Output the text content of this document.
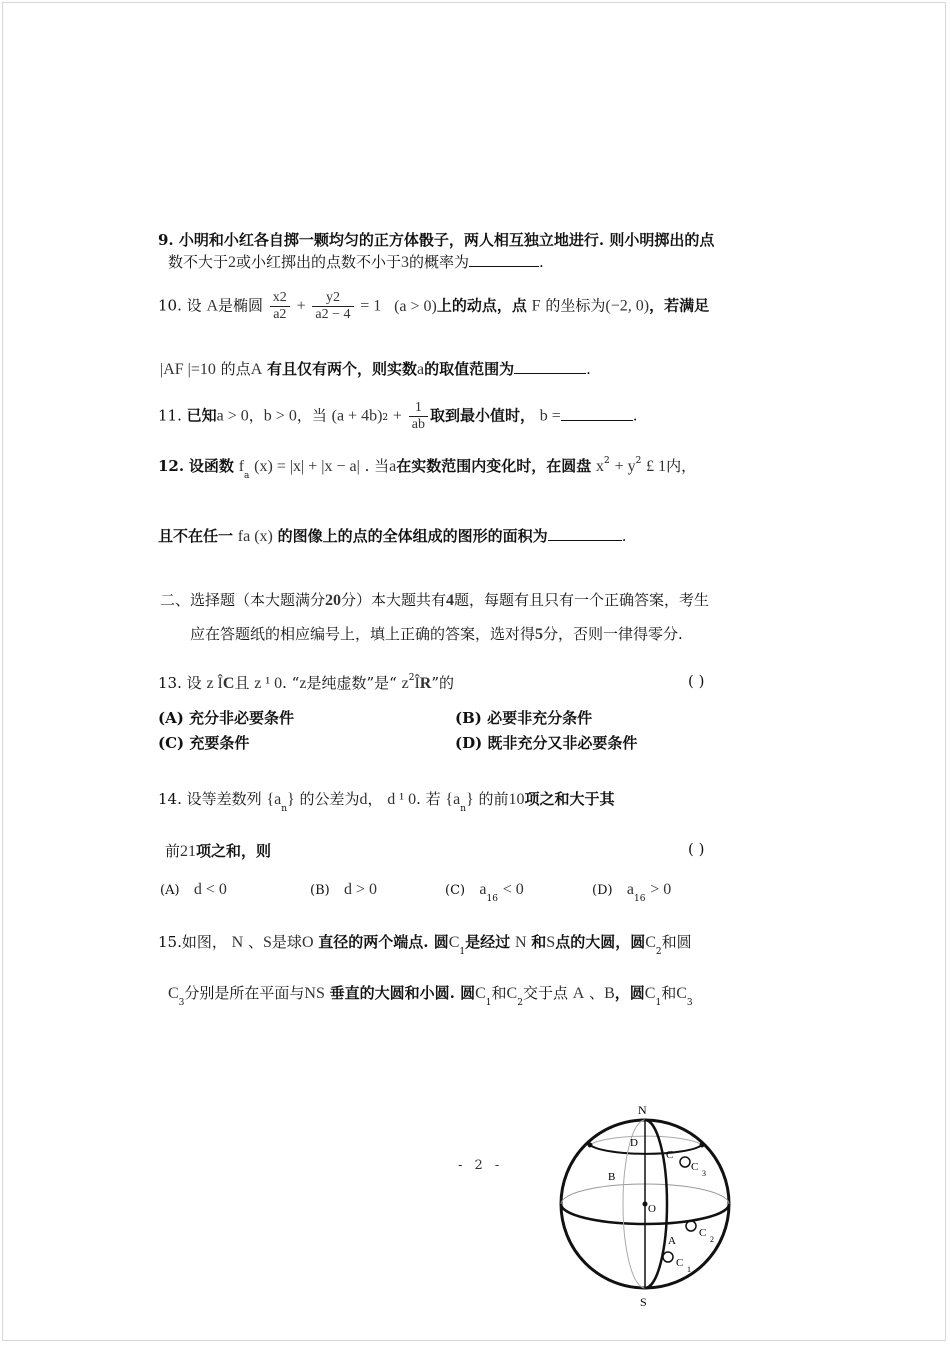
9. 小明和小红各自掷一颗均匀的正方体骰子，两人相互独立地进行. 则小明掷出的点
数不大于2或小红掷出的点数不小于3的概率为	.
10. 设 A是椭圆 $\frac{x2}{a2} + \frac{y2}{a2 - 4} = 1$ (a > 0)上的动点，点 F 的坐标为(−2, 0)，若满足
|AF |=10 的点A 有且仅有两个，则实数a的取值范围为	.
11. 已知a > 0，b > 0，当 $(a + 4b)2 + \frac{1}{ab}$ 取到最小值时， b =	.
12. 设函数 $f_a$ (x) = |x| + |x − a| . 当a在实数范围内变化时，在圆盘 $x^2 + y^2$ £ 1内，
且不在任一 fa (x) 的图像上的点的全体组成的图形的面积为	.
二、选择题（本大题满分20分）本大题共有4题，每题有且只有一个正确答案，考生
应在答题纸的相应编号上，填上正确的答案，选对得5分，否则一律得零分.
13. 设 z ÎC且 z ¹ 0. “z是纯虚数”是“ $z^2ÎR$”的	( )
(A) 充分非必要条件	(B) 必要非充分条件
(C) 充要条件	(D) 既非充分又非必要条件
14. 设等差数列 $\{a_n\}$ 的公差为d， d ¹ 0. 若 $\{a_n\}$ 的前10项之和大于其
前21项之和，则	( )
(A) d < 0	(B) d > 0	(C) $a_{16} < 0$	(D) $a_{16} > 0$
15.如图， N 、S是球O 直径的两个端点. 圆$C_1$是经过 N 和S点的大圆，圆$C_2$和圆
$C_3$分别是所在平面与NS 垂直的大圆和小圆. 圆$C_1$和$C_2$交于点 A 、B，圆$C_1$和$C_3$
- 2 -
N
S
O
D
B
A
C
C
3
C
2
C
1
